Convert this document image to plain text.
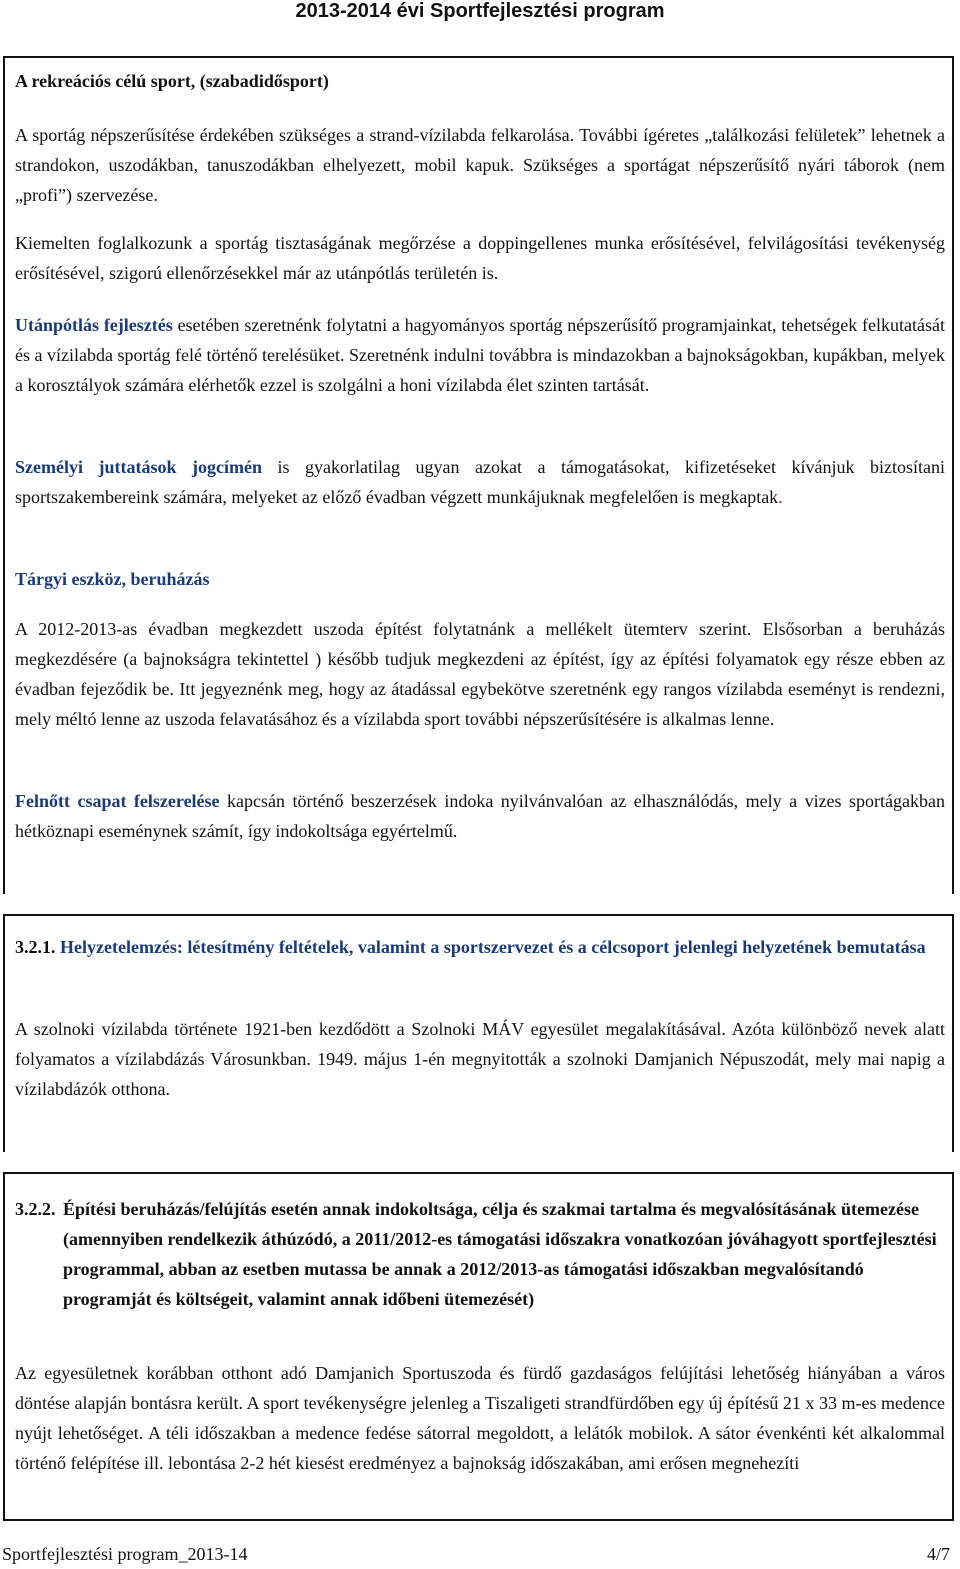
2013-2014 évi Sportfejlesztési program

A rekreációs célú sport, (szabadidősport)

A sportág népszerűsítése érdekében szükséges a strand-vízilabda felkarolása. További ígéretes „találkozási felületek” lehetnek a strandokon, uszodákban, tanuszodákban elhelyezett, mobil kapuk. Szükséges a sportágat népszerűsítő nyári táborok (nem „profi”) szervezése.

Kiemelten foglalkozunk a sportág tisztaságának megőrzése a doppingellenes munka erősítésével, felvilágosítási tevékenység erősítésével, szigorú ellenőrzésekkel már az utánpótlás területén is.

Utánpótlás fejlesztés esetében szeretnénk folytatni a hagyományos sportág népszerűsítő programjainkat, tehetségek felkutatását és a vízilabda sportág felé történő terelésüket. Szeretnénk indulni továbbra is mindazokban a bajnokságokban, kupákban, melyek a korosztályok számára elérhetők ezzel is szolgálni a honi vízilabda élet szinten tartását.

Személyi juttatások jogcímén is gyakorlatilag ugyan azokat a támogatásokat, kifizetéseket kívánjuk biztosítani sportszakembereink számára, melyeket az előző évadban végzett munkájuknak megfelelően is megkaptak.

Tárgyi eszköz, beruházás

A 2012-2013-as évadban megkezdett uszoda építést folytatnánk a mellékelt ütemterv szerint. Elsősorban a beruházás megkezdésére (a bajnokságra tekintettel ) később tudjuk megkezdeni az építést, így az építési folyamatok egy része ebben az évadban fejeződik be. Itt jegyeznénk meg, hogy az átadással egybekötve szeretnénk egy rangos vízilabda eseményt is rendezni, mely méltó lenne az uszoda felavatásához és a vízilabda sport további népszerűsítésére is alkalmas lenne.

Felnőtt csapat felszerelése kapcsán történő beszerzések indoka nyilvánvalóan az elhasználódás, mely a vizes sportágakban hétköznapi eseménynek számít, így indokoltsága egyértelmű.

3.2.1. Helyzetelemzés: létesítmény feltételek, valamint a sportszervezet és a célcsoport jelenlegi helyzetének bemutatása

A szolnoki vízilabda története 1921-ben kezdődött a Szolnoki MÁV egyesület megalakításával. Azóta különböző nevek alatt folyamatos a vízilabdázás Városunkban. 1949. május 1-én megnyitották a szolnoki Damjanich Népuszodát, mely mai napig a vízilabdázók otthona.

3.2.2. Építési beruházás/felújítás esetén annak indokoltsága, célja és szakmai tartalma és megvalósításának ütemezése (amennyiben rendelkezik áthúzódó, a 2011/2012-es támogatási időszakra vonatkozóan jóváhagyott sportfejlesztési programmal, abban az esetben mutassa be annak a 2012/2013-as támogatási időszakban megvalósítandó programját és költségeit, valamint annak időbeni ütemezését)

Az egyesületnek korábban otthont adó Damjanich Sportuszoda és fürdő gazdaságos felújítási lehetőség hiányában a város döntése alapján bontásra került. A sport tevékenységre jelenleg a Tiszaligeti strandfürdőben egy új építésű 21 x 33 m-es medence nyújt lehetőséget. A téli időszakban a medence fedése sátorral megoldott, a lelátók mobilok. A sátor évenkénti két alkalommal történő felépítése ill. lebontása 2-2 hét kiesést eredményez a bajnokság időszakában, ami erősen megnehezíti

Sportfejlesztési program_2013-14	4/7
